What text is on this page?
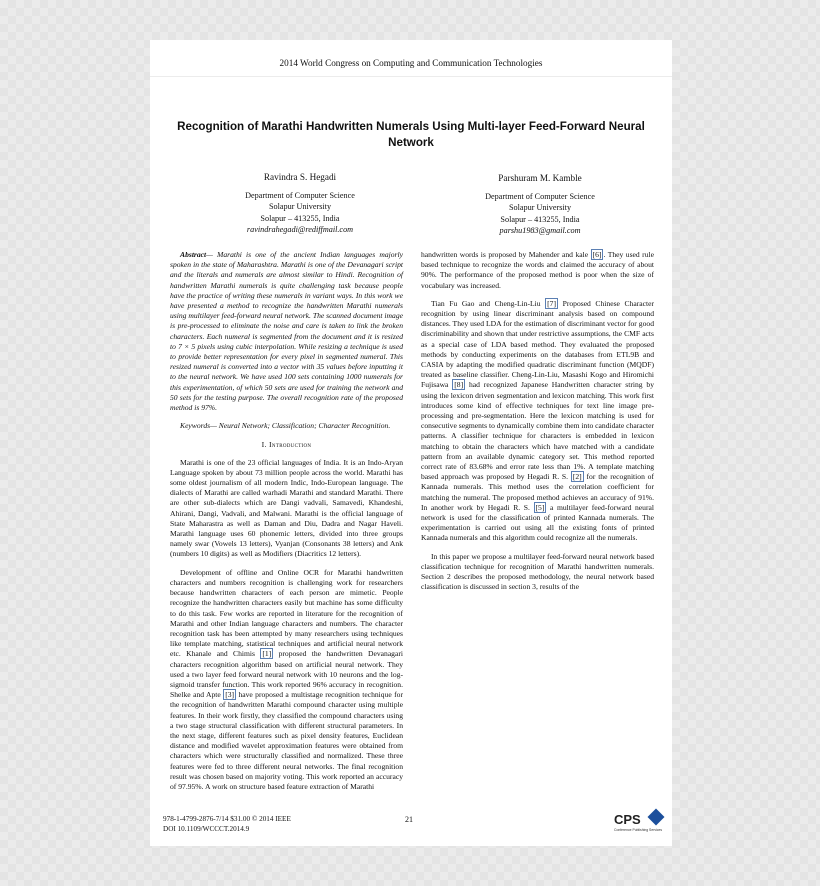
2014 World Congress on Computing and Communication Technologies
Recognition of Marathi Handwritten Numerals Using Multi-layer Feed-Forward Neural Network
Ravindra S. Hegadi
Department of Computer Science
Solapur University
Solapur – 413255, India
ravindrahegadi@rediffmail.com
Parshuram M. Kamble
Department of Computer Science
Solapur University
Solapur – 413255, India
parshu1983@gmail.com

Abstract— Marathi is one of the ancient Indian languages majorly spoken in the state of Maharashtra. Marathi is one of the Devanagari script and the literals and numerals are almost similar to Hindi. Recognition of handwritten Marathi numerals is quite challenging task because people have the practice of writing these numerals in variant ways. In this work we have presented a method to recognize the handwritten Marathi numerals using multilayer feed-forward neural network. The scanned document image is pre-processed to eliminate the noise and care is taken to link the broken characters. Each numeral is segmented from the document and it is resized to 7 × 5 pixels using cubic interpolation. While resizing a technique is used to provide better representation for every pixel in segmented numeral. This resized numeral is converted into a vector with 35 values before inputting it to the neural network. We have used 100 sets containing 1000 numerals for this experimentation, of which 50 sets are used for training the network and 50 sets for the testing purpose. The overall recognition rate of the proposed method is 97%.

Keywords— Neural Network; Classification; Character Recognition.

I. Introduction

Marathi is one of the 23 official languages of India. It is an Indo-Aryan Language spoken by about 73 million people across the world. Marathi has some oldest journalism of all modern Indic, Indo-European language. The dialects of Marathi are called warhadi Marathi and standard Marathi. There are other sub-dialects which are Dangi vadvali, Samavedi, Khandeshi, Ahirani, Dangi, Vadvali, and Malwani. Marathi is the official language of State Maharastra as well as Daman and Diu, Dadra and Nagar Haveli. Marathi language uses 60 phonemic letters, divided into three groups namely swar (Vowels 13 letters), Vyanjan (Consonants 38 letters) and Ank (numbers 10 digits) as well as Modifiers (Diacritics 12 letters).

Development of offline and Online OCR for Marathi handwritten characters and numbers recognition is challenging work for researchers because handwritten characters of each person are mimetic. People recognize the handwritten characters easily but machine has some difficulty to do this task. Few works are reported in literature for the recognition of Marathi and other Indian language characters and numbers. The character recognition task has been attempted by many researchers using techniques like template matching, statistical techniques and artificial neural network etc. Khanale and Chimis [1] proposed the handwritten Devanagari characters recognition algorithm based on artificial neural network. They used a two layer feed forward neural network with 10 neurons and the log-sigmoid transfer function. This work reported 96% accuracy in recognition. Shelke and Apte [3] have proposed a multistage recognition technique for the recognition of handwritten Marathi compound character using multiple features. In their work firstly, they classified the compound characters using a two stage structural classification with different structural parameters. In the next stage, different features such as pixel density features, Euclidean distance and modified wavelet approximation features were obtained from characters which were structurally classified and normalized. These three features were fed to three different neural networks. The final recognition result was chosen based on majority voting. This work reported an accuracy of 97.95%. A work on structure based feature extraction of Marathi

handwritten words is proposed by Mahender and kale [6] . They used rule based technique to recognize the words and claimed the accuracy of about 90%. The performance of the proposed method is poor when the size of vocabulary was increased.

Tian Fu Gao and Cheng-Lin-Liu [7] Proposed Chinese Character recognition by using linear discriminant analysis based on compound distances. They used LDA for the estimation of discriminant vector for good discriminability and shown that under restrictive assumptions, the CMF acts as a special case of LDA based method. They evaluated the proposed methods by conducting experiments on the databases from ETL9B and CASIA by adapting the modified quadratic discriminant function (MQDF) treated as baseline classifier. Cheng-Lin-Liu, Masashi Kogo and Hiromichi Fujisawa [8] had recognized Japanese Handwritten character string by using the lexicon driven segmentation and lexicon matching. This work first introduces some kind of effective techniques for text line image pre-processing and pre-segmentation. Here the lexicon matching is used for consecutive segments to dynamically combine them into candidate character patterns. A classifier technique for characters is embedded in lexicon matching to obtain the characters which have matched with a candidate pattern from an available dynamic category set. This method reported correct rate of 83.68% and error rate less than 1%. A template matching based approach was proposed by Hegadi R. S. [2] for the recognition of Kannada numerals. This method uses the correlation coefficient for matching the numeral. The proposed method achieves an accuracy of 91%. In another work by Hegadi R. S. [5] a multilayer feed-forward neural network is used for the classification of printed Kannada numerals. The experimentation is carried out using all the existing fonts of printed Kannada numerals and this algorithm could recognize all the numerals.

In this paper we propose a multilayer feed-forward neural network based classification technique for recognition of Marathi handwritten numerals. Section 2 describes the proposed methodology, the neural network based classification is discussed in section 3, results of the

978-1-4799-2876-7/14 $31.00 © 2014 IEEE
DOI 10.1109/WCCCT.2014.9
21	CPS
Conference Publishing Services
